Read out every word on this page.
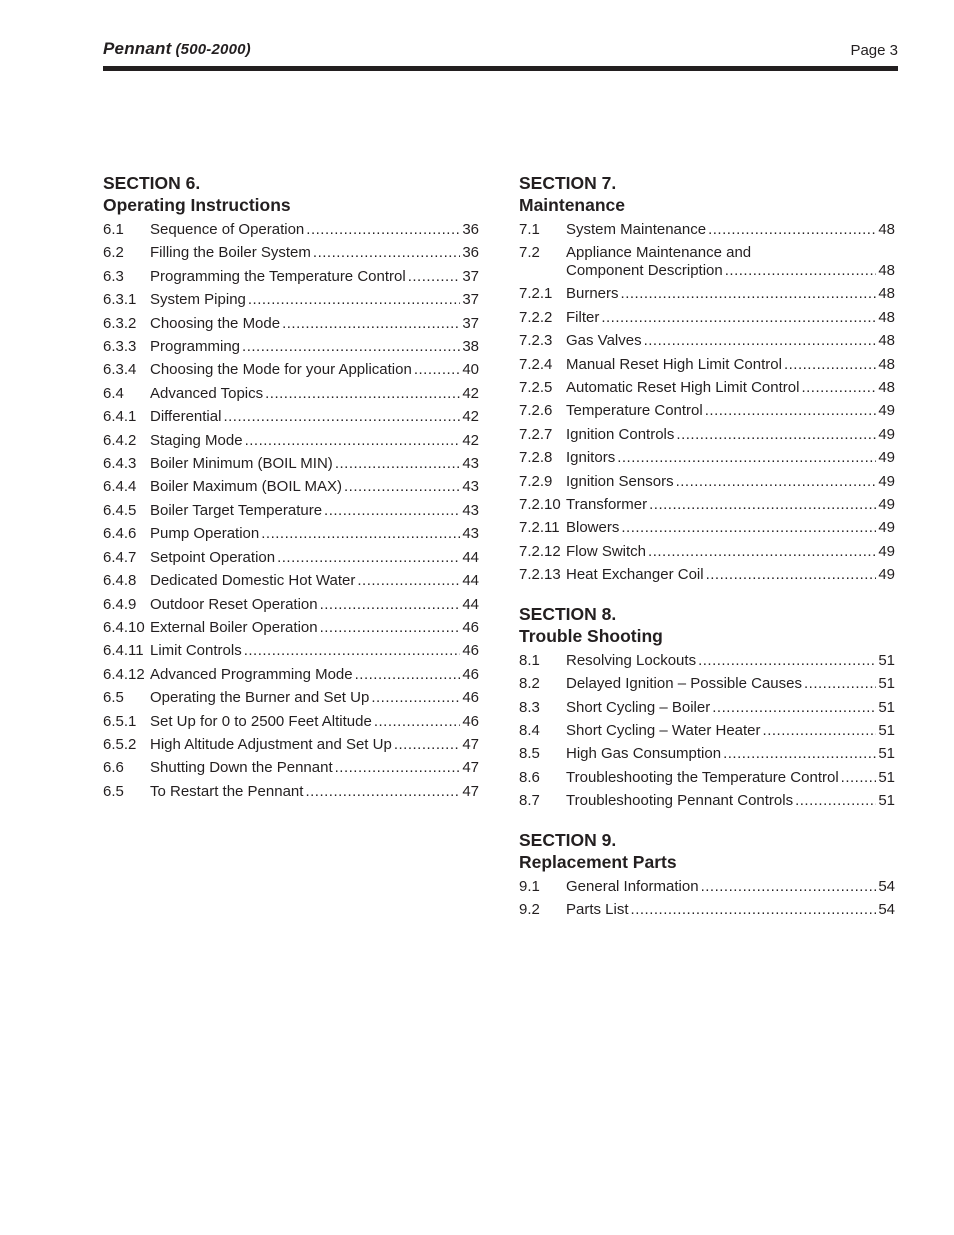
Pennant (500-2000)	Page 3
SECTION 6.
Operating Instructions
6.1	Sequence of Operation .....	36
6.2	Filling the Boiler System .....	36
6.3	Programming the Temperature Control .....	37
6.3.1 System Piping .....	37
6.3.2 Choosing the Mode .....	37
6.3.3 Programming .....	38
6.3.4 Choosing the Mode for your Application .....	40
6.4	Advanced Topics .....	42
6.4.1 Differential .....	42
6.4.2 Staging Mode .....	42
6.4.3 Boiler Minimum (BOIL MIN) .....	43
6.4.4 Boiler Maximum (BOIL MAX) .....	43
6.4.5 Boiler Target Temperature .....	43
6.4.6 Pump Operation .....	43
6.4.7 Setpoint Operation .....	44
6.4.8 Dedicated Domestic Hot Water .....	44
6.4.9 Outdoor Reset Operation .....	44
6.4.10 External Boiler Operation .....	46
6.4.11 Limit Controls .....	46
6.4.12 Advanced Programming Mode .....	46
6.5	Operating the Burner and Set Up .....	46
6.5.1 Set Up for 0 to 2500 Feet Altitude .....	46
6.5.2 High Altitude Adjustment and Set Up .....	47
6.6	Shutting Down the Pennant .....	47
6.5	To Restart the Pennant .....	47
SECTION 7.
Maintenance
7.1	System Maintenance .....	48
7.2	Appliance Maintenance and
Component Description .....	48
7.2.1 Burners .....	48
7.2.2 Filter .....	48
7.2.3 Gas Valves .....	48
7.2.4 Manual Reset High Limit Control .....	48
7.2.5 Automatic Reset High Limit Control .....	48
7.2.6 Temperature Control .....	49
7.2.7 Ignition Controls .....	49
7.2.8 Ignitors .....	49
7.2.9 Ignition Sensors .....	49
7.2.10 Transformer .....	49
7.2.11 Blowers .....	49
7.2.12 Flow Switch .....	49
7.2.13 Heat Exchanger Coil .....	49
SECTION 8.
Trouble Shooting
8.1	Resolving Lockouts .....	51
8.2	Delayed Ignition – Possible Causes .....	51
8.3	Short Cycling – Boiler .....	51
8.4	Short Cycling – Water Heater .....	51
8.5	High Gas Consumption .....	51
8.6	Troubleshooting the Temperature Control .....	51
8.7	Troubleshooting Pennant Controls .....	51
SECTION 9.
Replacement Parts
9.1	General Information .....	54
9.2	Parts List .....	54
